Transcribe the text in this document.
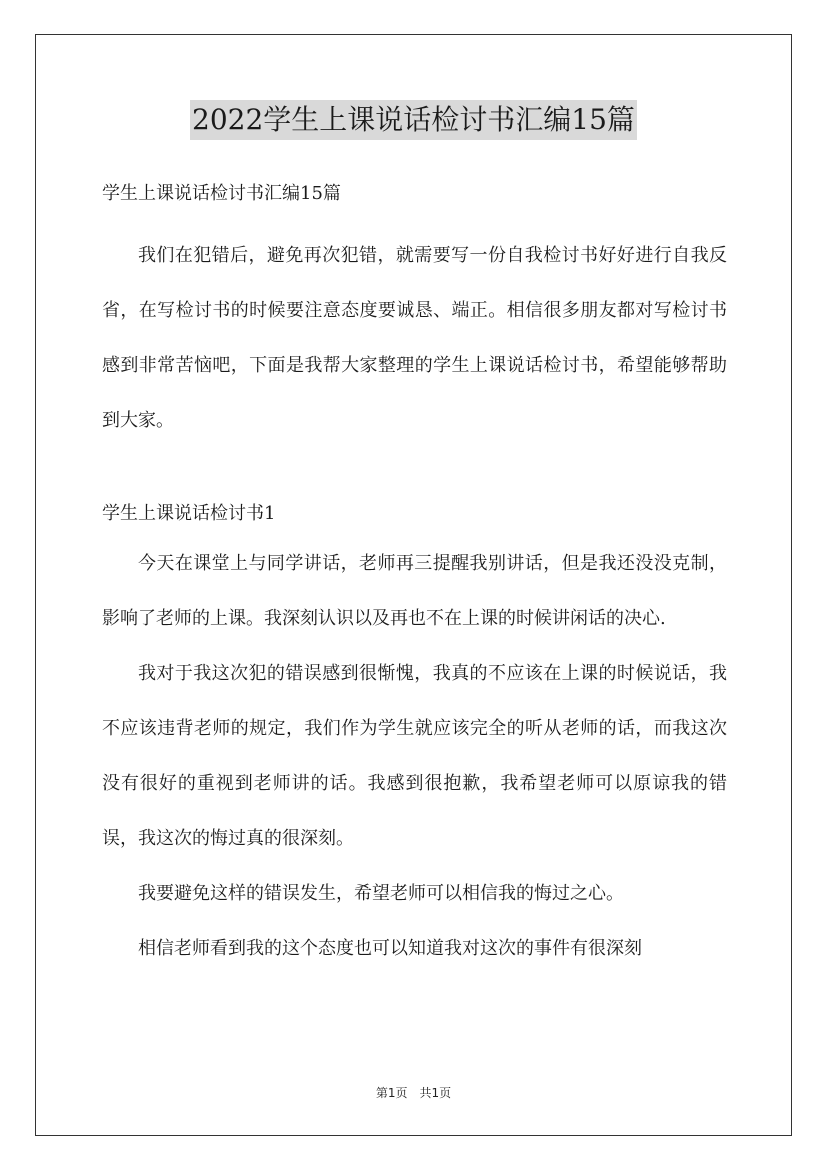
2022学生上课说话检讨书汇编15篇
学生上课说话检讨书汇编15篇

我们在犯错后，避免再次犯错，就需要写一份自我检讨书好好进行自我反省，在写检讨书的时候要注意态度要诚恳、端正。相信很多朋友都对写检讨书感到非常苦恼吧，下面是我帮大家整理的学生上课说话检讨书，希望能够帮助到大家。

学生上课说话检讨书1

今天在课堂上与同学讲话，老师再三提醒我别讲话，但是我还没没克制，影响了老师的上课。我深刻认识以及再也不在上课的时候讲闲话的决心.

我对于我这次犯的错误感到很惭愧，我真的不应该在上课的时候说话，我不应该违背老师的规定，我们作为学生就应该完全的听从老师的话，而我这次没有很好的重视到老师讲的话。我感到很抱歉，我希望老师可以原谅我的错误，我这次的悔过真的很深刻。

我要避免这样的错误发生，希望老师可以相信我的悔过之心。

相信老师看到我的这个态度也可以知道我对这次的事件有很深刻

第1页　共1页
